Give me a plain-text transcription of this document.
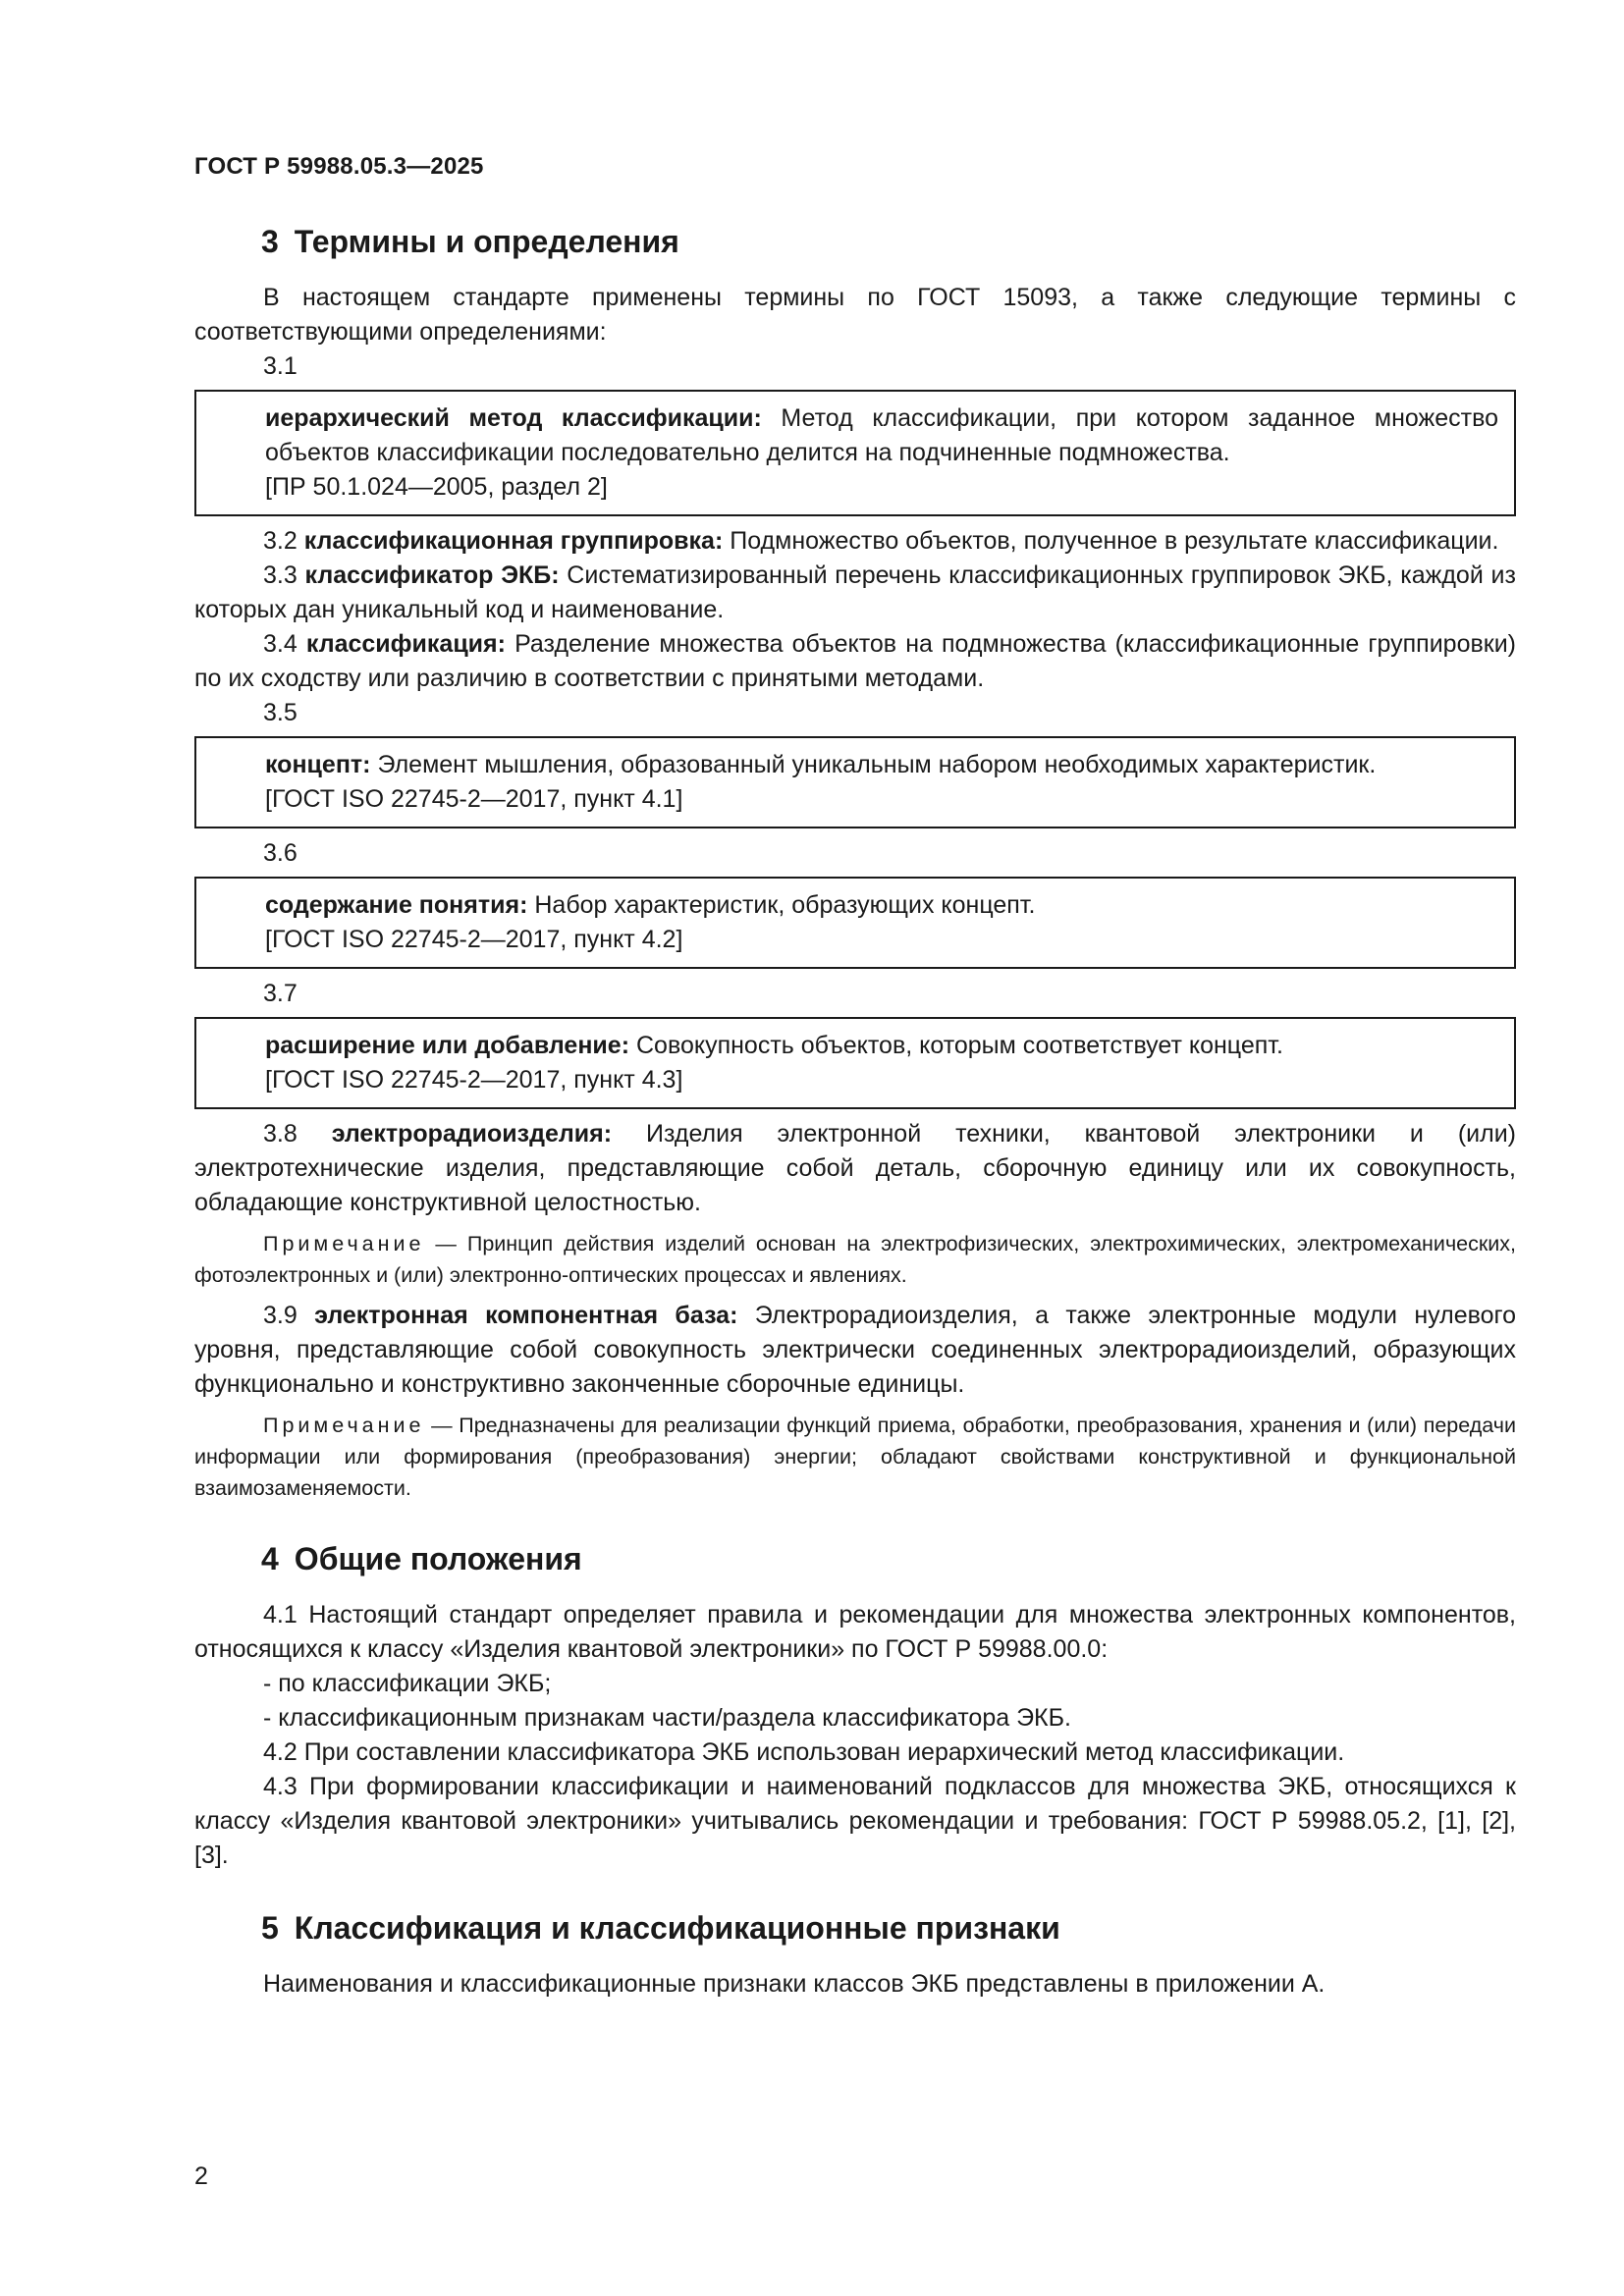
ГОСТ Р 59988.05.3—2025
3 Термины и определения

В настоящем стандарте применены термины по ГОСТ 15093, а также следующие термины с соответствующими определениями:

3.1

иерархический метод классификации: Метод классификации, при котором заданное множество объектов классификации последовательно делится на подчиненные подмножества.

[ПР 50.1.024—2005, раздел 2]

3.2 классификационная группировка: Подмножество объектов, полученное в результате классификации.

3.3 классификатор ЭКБ: Систематизированный перечень классификационных группировок ЭКБ, каждой из которых дан уникальный код и наименование.

3.4 классификация: Разделение множества объектов на подмножества (классификационные группировки) по их сходству или различию в соответствии с принятыми методами.

3.5

концепт: Элемент мышления, образованный уникальным набором необходимых характеристик.

[ГОСТ ISO 22745-2—2017, пункт 4.1]

3.6

содержание понятия: Набор характеристик, образующих концепт.

[ГОСТ ISO 22745-2—2017, пункт 4.2]

3.7

расширение или добавление: Совокупность объектов, которым соответствует концепт.

[ГОСТ ISO 22745-2—2017, пункт 4.3]

3.8 электрорадиоизделия: Изделия электронной техники, квантовой электроники и (или) электротехнические изделия, представляющие собой деталь, сборочную единицу или их совокупность, обладающие конструктивной целостностью.

Примечание — Принцип действия изделий основан на электрофизических, электрохимических, электромеханических, фотоэлектронных и (или) электронно-оптических процессах и явлениях.

3.9 электронная компонентная база: Электрорадиоизделия, а также электронные модули нулевого уровня, представляющие собой совокупность электрически соединенных электрорадиоизделий, образующих функционально и конструктивно законченные сборочные единицы.

Примечание — Предназначены для реализации функций приема, обработки, преобразования, хранения и (или) передачи информации или формирования (преобразования) энергии; обладают свойствами конструктивной и функциональной взаимозаменяемости.

4 Общие положения

4.1 Настоящий стандарт определяет правила и рекомендации для множества электронных компонентов, относящихся к классу «Изделия квантовой электроники» по ГОСТ Р 59988.00.0:

- по классификации ЭКБ;

- классификационным признакам части/раздела классификатора ЭКБ.

4.2 При составлении классификатора ЭКБ использован иерархический метод классификации.

4.3 При формировании классификации и наименований подклассов для множества ЭКБ, относящихся к классу «Изделия квантовой электроники» учитывались рекомендации и требования: ГОСТ Р 59988.05.2, [1], [2], [3].

5 Классификация и классификационные признаки

Наименования и классификационные признаки классов ЭКБ представлены в приложении А.

2
